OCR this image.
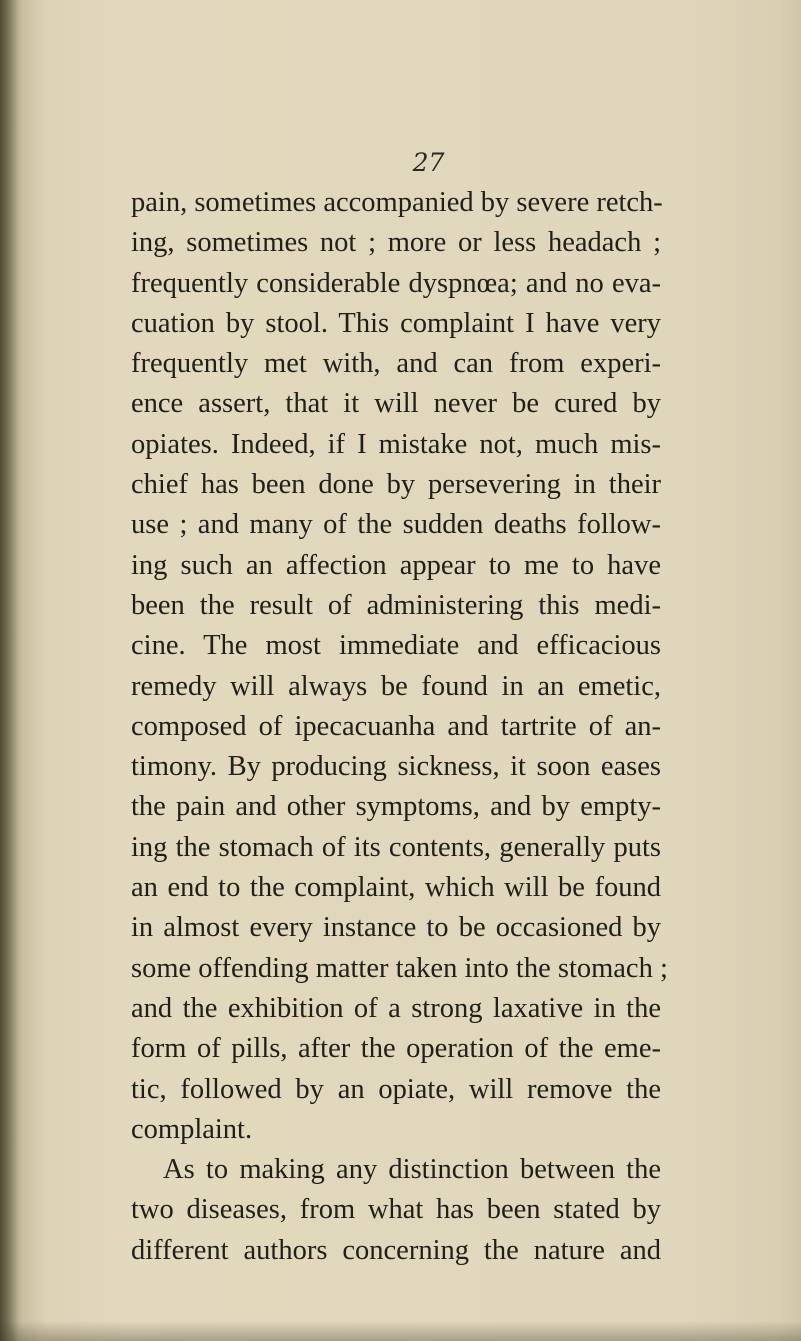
27
pain, sometimes accompanied by severe retch-
ing, sometimes not ; more or less headach ;
frequently considerable dyspnœa; and no eva-
cuation by stool. This complaint I have very
frequently met with, and can from experi-
ence assert, that it will never be cured by
opiates. Indeed, if I mistake not, much mis-
chief has been done by persevering in their
use ; and many of the sudden deaths follow-
ing such an affection appear to me to have
been the result of administering this medi-
cine. The most immediate and efficacious
remedy will always be found in an emetic,
composed of ipecacuanha and tartrite of an-
timony. By producing sickness, it soon eases
the pain and other symptoms, and by empty-
ing the stomach of its contents, generally puts
an end to the complaint, which will be found
in almost every instance to be occasioned by
some offending matter taken into the stomach ;
and the exhibition of a strong laxative in the
form of pills, after the operation of the eme-
tic, followed by an opiate, will remove the
complaint.
As to making any distinction between the
two diseases, from what has been stated by
different authors concerning the nature and
